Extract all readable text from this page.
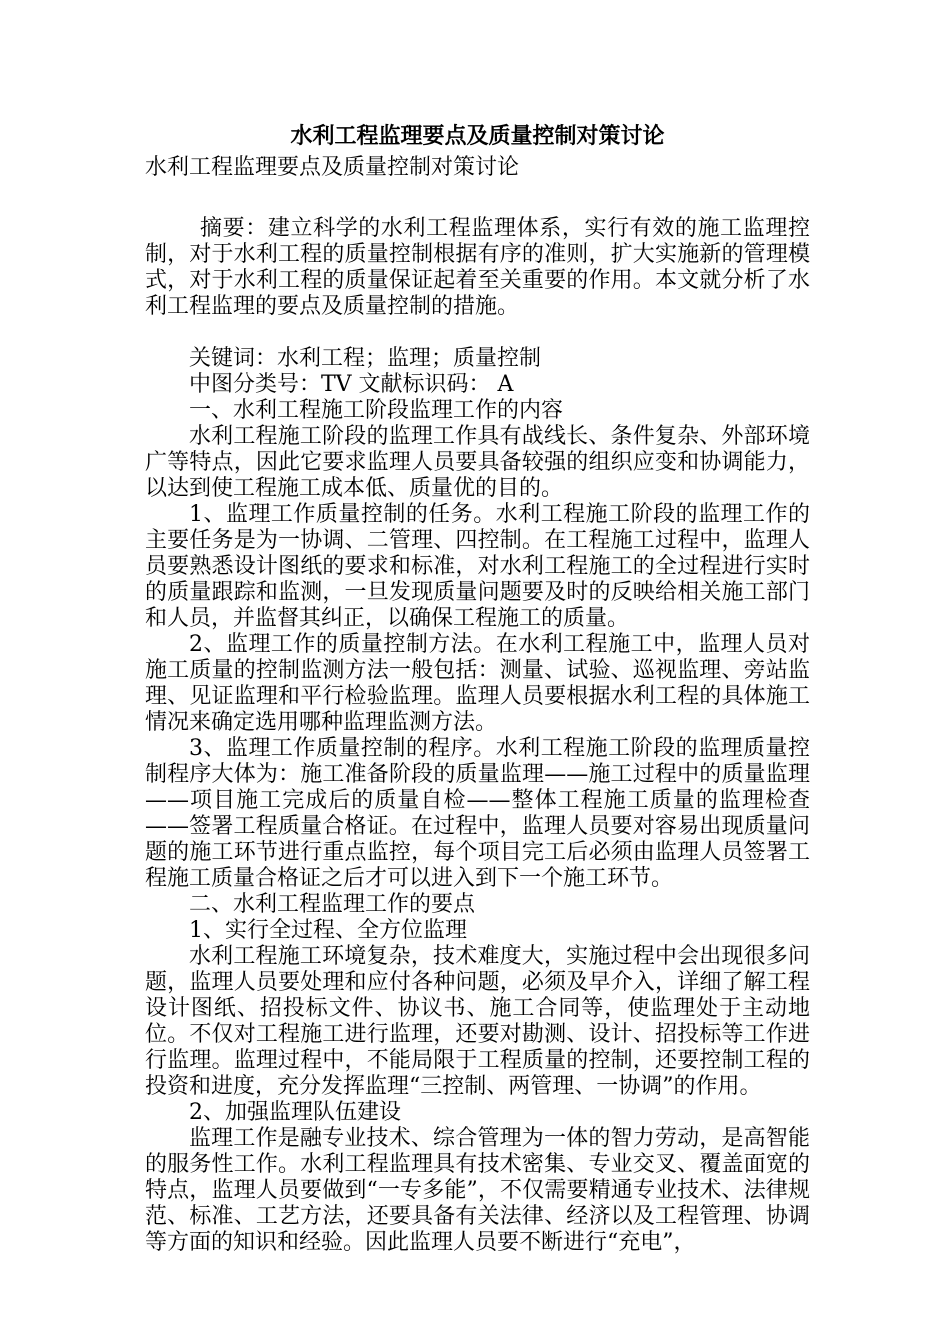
水利工程监理要点及质量控制对策讨论

水利工程监理要点及质量控制对策讨论

摘要：建立科学的水利工程监理体系，实行有效的施工监理控制，对于水利工程的质量控制根据有序的准则，扩大实施新的管理模式，对于水利工程的质量保证起着至关重要的作用。本文就分析了水利工程监理的要点及质量控制的措施。

关键词：水利工程；监理；质量控制

中图分类号：TV 文献标识码： A

一、水利工程施工阶段监理工作的内容

水利工程施工阶段的监理工作具有战线长、条件复杂、外部环境广等特点，因此它要求监理人员要具备较强的组织应变和协调能力，以达到使工程施工成本低、质量优的目的。

1、监理工作质量控制的任务。水利工程施工阶段的监理工作的主要任务是为一协调、二管理、四控制。在工程施工过程中，监理人员要熟悉设计图纸的要求和标准，对水利工程施工的全过程进行实时的质量跟踪和监测，一旦发现质量问题要及时的反映给相关施工部门和人员，并监督其纠正，以确保工程施工的质量。

2、监理工作的质量控制方法。在水利工程施工中，监理人员对施工质量的控制监测方法一般包括：测量、试验、巡视监理、旁站监理、见证监理和平行检验监理。监理人员要根据水利工程的具体施工情况来确定选用哪种监理监测方法。

3、监理工作质量控制的程序。水利工程施工阶段的监理质量控制程序大体为：施工准备阶段的质量监理——施工过程中的质量监理——项目施工完成后的质量自检——整体工程施工质量的监理检查——签署工程质量合格证。在过程中，监理人员要对容易出现质量问题的施工环节进行重点监控，每个项目完工后必须由监理人员签署工程施工质量合格证之后才可以进入到下一个施工环节。

二、水利工程监理工作的要点

1、实行全过程、全方位监理

水利工程施工环境复杂，技术难度大，实施过程中会出现很多问题，监理人员要处理和应付各种问题，必须及早介入，详细了解工程设计图纸、招投标文件、协议书、施工合同等，使监理处于主动地位。不仅对工程施工进行监理，还要对勘测、设计、招投标等工作进行监理。监理过程中，不能局限于工程质量的控制，还要控制工程的投资和进度，充分发挥监理“三控制、两管理、一协调”的作用。

2、加强监理队伍建设

监理工作是融专业技术、综合管理为一体的智力劳动，是高智能的服务性工作。水利工程监理具有技术密集、专业交叉、覆盖面宽的特点，监理人员要做到“一专多能”，不仅需要精通专业技术、法律规范、标准、工艺方法，还要具备有关法律、经济以及工程管理、协调等方面的知识和经验。因此监理人员要不断进行“充电”，
